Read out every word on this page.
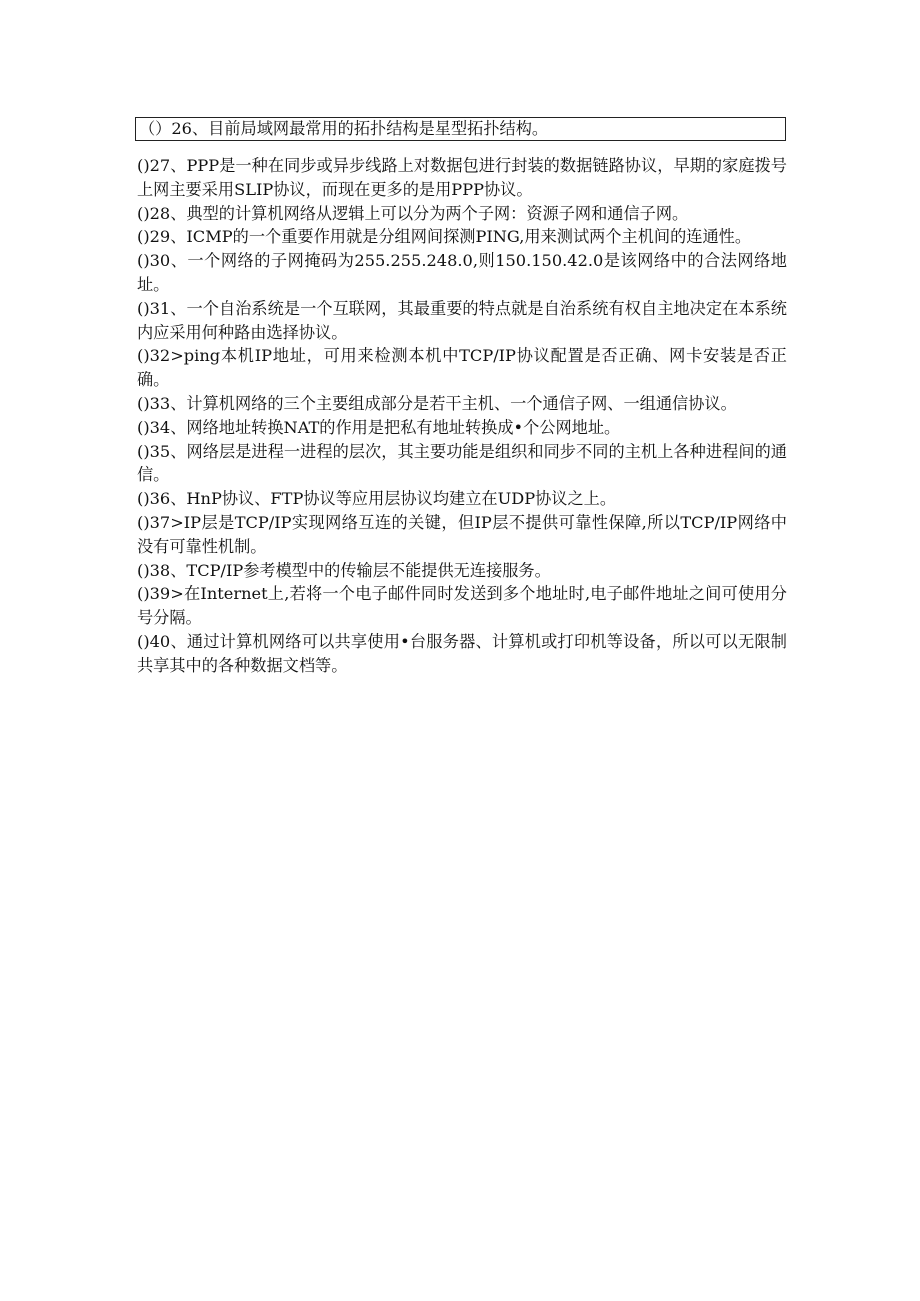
（）26、目前局域网最常用的拓扑结构是星型拓扑结构。

()27、PPP是一种在同步或异步线路上对数据包进行封装的数据链路协议，早期的家庭拨号上网主要采用SLIP协议，而现在更多的是用PPP协议。

()28、典型的计算机网络从逻辑上可以分为两个子网：资源子网和通信子网。

()29、ICMP的一个重要作用就是分组网间探测PING,用来测试两个主机间的连通性。

()30、一个网络的子网掩码为255.255.248.0,则150.150.42.0是该网络中的合法网络地址。

()31、一个自治系统是一个互联网，其最重要的特点就是自治系统有权自主地决定在本系统内应采用何种路由选择协议。

()32>ping本机IP地址，可用来检测本机中TCP/IP协议配置是否正确、网卡安装是否正确。

()33、计算机网络的三个主要组成部分是若干主机、一个通信子网、一组通信协议。

()34、网络地址转换NAT的作用是把私有地址转换成•个公网地址。

()35、网络层是进程一进程的层次，其主要功能是组织和同步不同的主机上各种进程间的通信。

()36、HnP协议、FTP协议等应用层协议均建立在UDP协议之上。

()37>IP层是TCP/IP实现网络互连的关键，但IP层不提供可靠性保障,所以TCP/IP网络中没有可靠性机制。

()38、TCP/IP参考模型中的传输层不能提供无连接服务。

()39>在Internet上,若将一个电子邮件同时发送到多个地址时,电子邮件地址之间可使用分号分隔。

()40、通过计算机网络可以共享使用•台服务器、计算机或打印机等设备，所以可以无限制共享其中的各种数据文档等。
